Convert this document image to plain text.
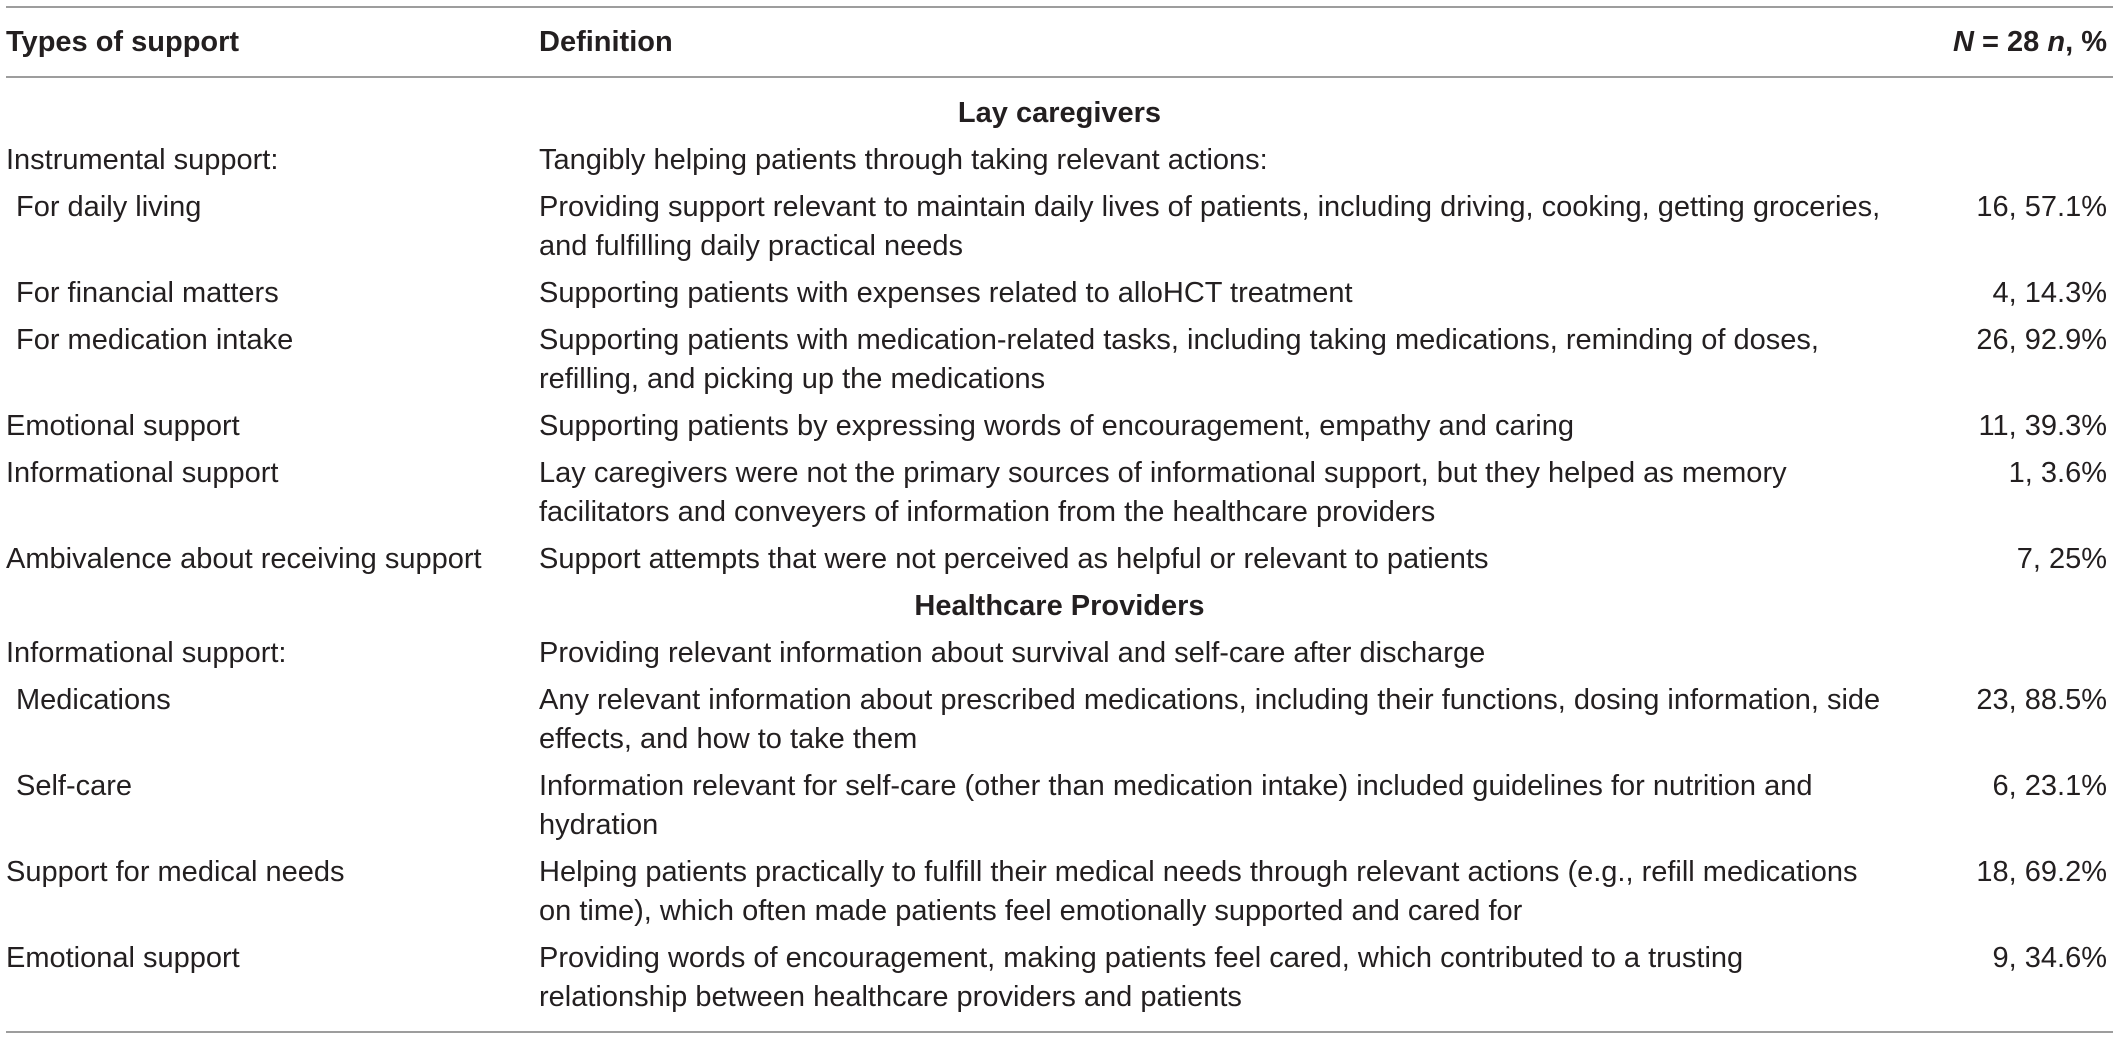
Types of support	Definition	N = 28 n, %
Lay caregivers		
Instrumental support:	Tangibly helping patients through taking relevant actions:	
For daily living	Providing support relevant to maintain daily lives of patients, including driving, cooking, getting groceries, and fulfilling daily practical needs	16, 57.1%
For financial matters	Supporting patients with expenses related to alloHCT treatment	4, 14.3%
For medication intake	Supporting patients with medication-related tasks, including taking medications, reminding of doses, refilling, and picking up the medications	26, 92.9%
Emotional support	Supporting patients by expressing words of encouragement, empathy and caring	11, 39.3%
Informational support	Lay caregivers were not the primary sources of informational support, but they helped as memory facilitators and conveyers of information from the healthcare providers	1, 3.6%
Ambivalence about receiving support	Support attempts that were not perceived as helpful or relevant to patients	7, 25%
Healthcare Providers		
Informational support:	Providing relevant information about survival and self-care after discharge	
Medications	Any relevant information about prescribed medications, including their functions, dosing information, side effects, and how to take them	23, 88.5%
Self-care	Information relevant for self-care (other than medication intake) included guidelines for nutrition and hydration	6, 23.1%
Support for medical needs	Helping patients practically to fulfill their medical needs through relevant actions (e.g., refill medications on time), which often made patients feel emotionally supported and cared for	18, 69.2%
Emotional support	Providing words of encouragement, making patients feel cared, which contributed to a trusting relationship between healthcare providers and patients	9, 34.6%
